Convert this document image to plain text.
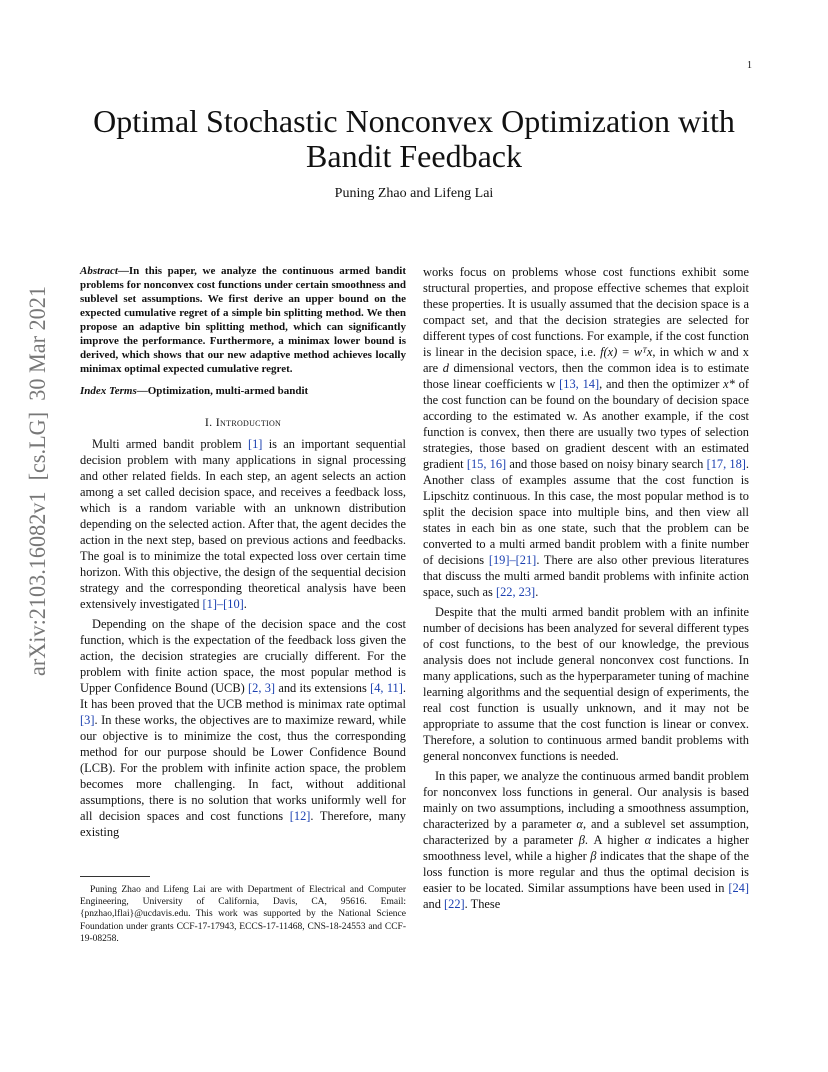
1
arXiv:2103.16082v1  [cs.LG]  30 Mar 2021
Optimal Stochastic Nonconvex Optimization with Bandit Feedback
Puning Zhao and Lifeng Lai
Abstract—In this paper, we analyze the continuous armed bandit problems for nonconvex cost functions under certain smoothness and sublevel set assumptions. We first derive an upper bound on the expected cumulative regret of a simple bin splitting method. We then propose an adaptive bin splitting method, which can significantly improve the performance. Furthermore, a minimax lower bound is derived, which shows that our new adaptive method achieves locally minimax optimal expected cumulative regret.
Index Terms—Optimization, multi-armed bandit
I. Introduction

Multi armed bandit problem [1] is an important sequential decision problem with many applications in signal processing and other related fields. In each step, an agent selects an action among a set called decision space, and receives a feedback loss, which is a random variable with an unknown distribution depending on the selected action. After that, the agent decides the action in the next step, based on previous actions and feedbacks. The goal is to minimize the total expected loss over certain time horizon. With this objective, the design of the sequential decision strategy and the corresponding theoretical analysis have been extensively investigated [1]–[10].

Depending on the shape of the decision space and the cost function, which is the expectation of the feedback loss given the action, the decision strategies are crucially different. For the problem with finite action space, the most popular method is Upper Confidence Bound (UCB) [2, 3] and its extensions [4, 11]. It has been proved that the UCB method is minimax rate optimal [3]. In these works, the objectives are to maximize reward, while our objective is to minimize the cost, thus the corresponding method for our purpose should be Lower Confidence Bound (LCB). For the problem with infinite action space, the problem becomes more challenging. In fact, without additional assumptions, there is no solution that works uniformly well for all decision spaces and cost functions [12]. Therefore, many existing

works focus on problems whose cost functions exhibit some structural properties, and propose effective schemes that exploit these properties. It is usually assumed that the decision space is a compact set, and that the decision strategies are selected for different types of cost functions. For example, if the cost function is linear in the decision space, i.e. f(x) = wᵀx, in which w and x are d dimensional vectors, then the common idea is to estimate those linear coefficients w [13, 14], and then the optimizer x* of the cost function can be found on the boundary of decision space according to the estimated w. As another example, if the cost function is convex, then there are usually two types of selection strategies, those based on gradient descent with an estimated gradient [15, 16] and those based on noisy binary search [17, 18]. Another class of examples assume that the cost function is Lipschitz continuous. In this case, the most popular method is to split the decision space into multiple bins, and then view all states in each bin as one state, such that the problem can be converted to a multi armed bandit problem with a finite number of decisions [19]–[21]. There are also other previous literatures that discuss the multi armed bandit problems with infinite action space, such as [22, 23].

Despite that the multi armed bandit problem with an infinite number of decisions has been analyzed for several different types of cost functions, to the best of our knowledge, the previous analysis does not include general nonconvex cost functions. In many applications, such as the hyperparameter tuning of machine learning algorithms and the sequential design of experiments, the real cost function is usually unknown, and it may not be appropriate to assume that the cost function is linear or convex. Therefore, a solution to continuous armed bandit problems with general nonconvex functions is needed.

In this paper, we analyze the continuous armed bandit problem for nonconvex loss functions in general. Our analysis is based mainly on two assumptions, including a smoothness assumption, characterized by a parameter α, and a sublevel set assumption, characterized by a parameter β. A higher α indicates a higher smoothness level, while a higher β indicates that the shape of the loss function is more regular and thus the optimal decision is easier to be located. Similar assumptions have been used in [24] and [22]. These

Puning Zhao and Lifeng Lai are with Department of Electrical and Computer Engineering, University of California, Davis, CA, 95616. Email: {pnzhao,lflai}@ucdavis.edu. This work was supported by the National Science Foundation under grants CCF-17-17943, ECCS-17-11468, CNS-18-24553 and CCF-19-08258.
